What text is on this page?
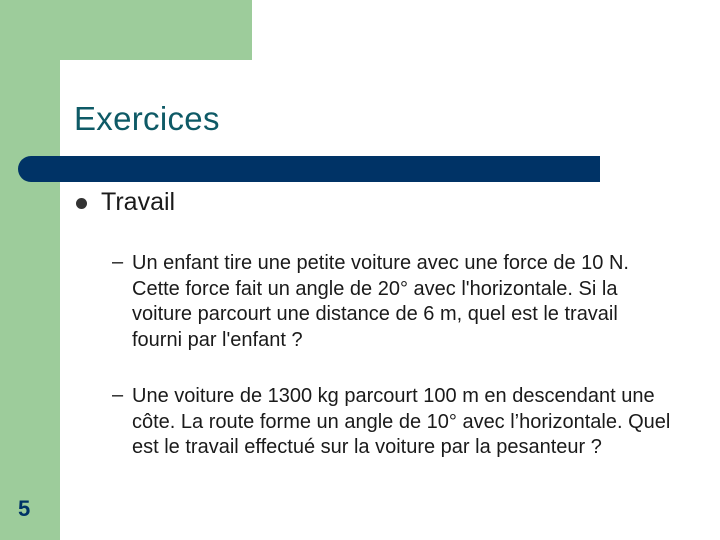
Exercices
Travail
– Un enfant tire une petite voiture avec une force de 10 N. Cette force fait un angle de 20° avec l'horizontale. Si la voiture parcourt une distance de 6 m, quel est le travail fourni par l'enfant ?
– Une voiture de 1300 kg parcourt 100 m en descendant une côte. La route forme un angle de 10° avec l’horizontale. Quel est le travail effectué sur la voiture par la pesanteur ?
5
